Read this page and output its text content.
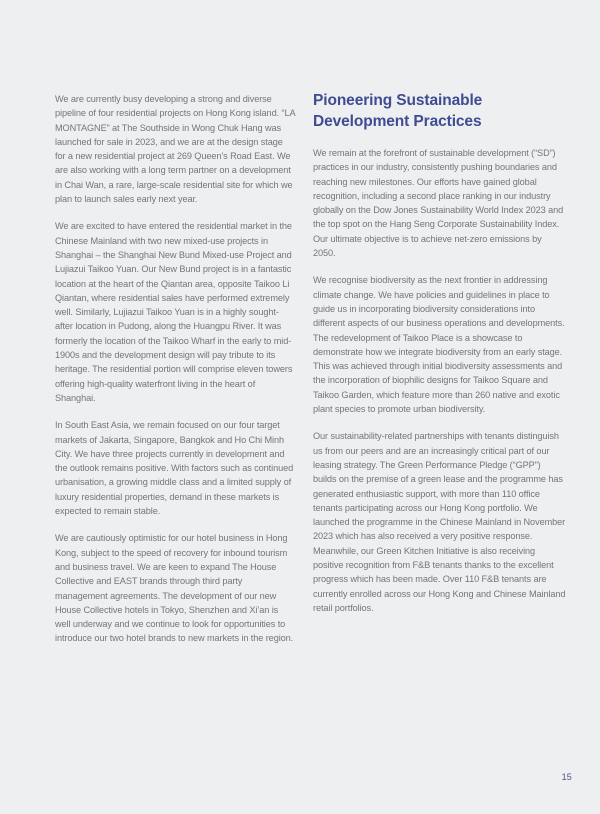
We are currently busy developing a strong and diverse pipeline of four residential projects on Hong Kong island. “LA MONTAGNE” at The Southside in Wong Chuk Hang was launched for sale in 2023, and we are at the design stage for a new residential project at 269 Queen’s Road East. We are also working with a long term partner on a development in Chai Wan, a rare, large-scale residential site for which we plan to launch sales early next year.

We are excited to have entered the residential market in the Chinese Mainland with two new mixed-use projects in Shanghai – the Shanghai New Bund Mixed-use Project and Lujiazui Taikoo Yuan. Our New Bund project is in a fantastic location at the heart of the Qiantan area, opposite Taikoo Li Qiantan, where residential sales have performed extremely well. Similarly, Lujiazui Taikoo Yuan is in a highly sought-after location in Pudong, along the Huangpu River. It was formerly the location of the Taikoo Wharf in the early to mid-1900s and the development design will pay tribute to its heritage. The residential portion will comprise eleven towers offering high-quality waterfront living in the heart of Shanghai.

In South East Asia, we remain focused on our four target markets of Jakarta, Singapore, Bangkok and Ho Chi Minh City. We have three projects currently in development and the outlook remains positive. With factors such as continued urbanisation, a growing middle class and a limited supply of luxury residential properties, demand in these markets is expected to remain stable.

We are cautiously optimistic for our hotel business in Hong Kong, subject to the speed of recovery for inbound tourism and business travel. We are keen to expand The House Collective and EAST brands through third party management agreements. The development of our new House Collective hotels in Tokyo, Shenzhen and Xi’an is well underway and we continue to look for opportunities to introduce our two hotel brands to new markets in the region.

Pioneering Sustainable Development Practices

We remain at the forefront of sustainable development (“SD”) practices in our industry, consistently pushing boundaries and reaching new milestones. Our efforts have gained global recognition, including a second place ranking in our industry globally on the Dow Jones Sustainability World Index 2023 and the top spot on the Hang Seng Corporate Sustainability Index. Our ultimate objective is to achieve net-zero emissions by 2050.

We recognise biodiversity as the next frontier in addressing climate change. We have policies and guidelines in place to guide us in incorporating biodiversity considerations into different aspects of our business operations and developments. The redevelopment of Taikoo Place is a showcase to demonstrate how we integrate biodiversity from an early stage. This was achieved through initial biodiversity assessments and the incorporation of biophilic designs for Taikoo Square and Taikoo Garden, which feature more than 260 native and exotic plant species to promote urban biodiversity.

Our sustainability-related partnerships with tenants distinguish us from our peers and are an increasingly critical part of our leasing strategy. The Green Performance Pledge (“GPP”) builds on the premise of a green lease and the programme has generated enthusiastic support, with more than 110 office tenants participating across our Hong Kong portfolio. We launched the programme in the Chinese Mainland in November 2023 which has also received a very positive response. Meanwhile, our Green Kitchen Initiative is also receiving positive recognition from F&B tenants thanks to the excellent progress which has been made. Over 110 F&B tenants are currently enrolled across our Hong Kong and Chinese Mainland retail portfolios.

15
